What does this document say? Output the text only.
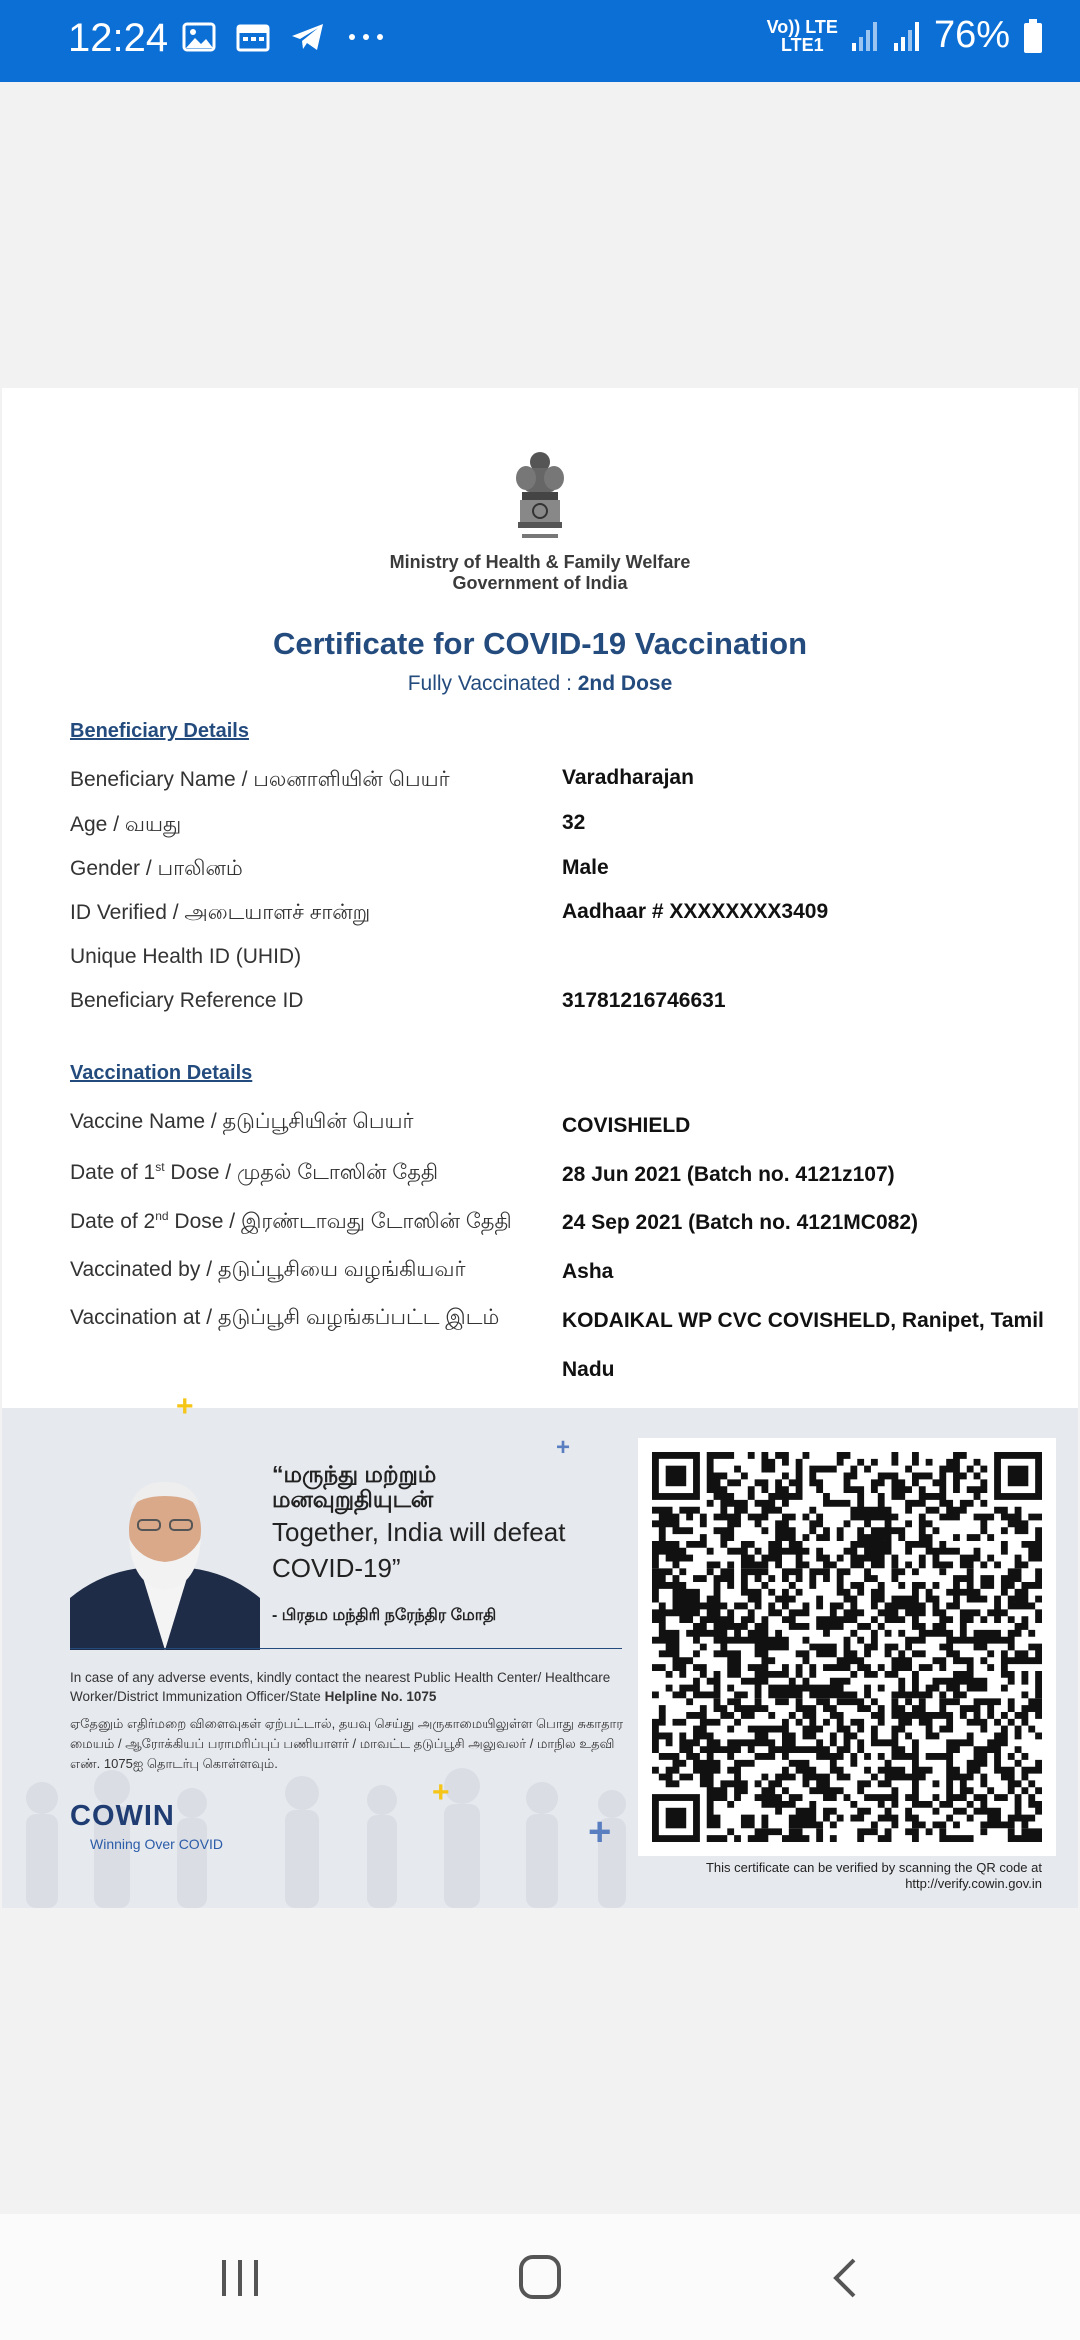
12:24	Vo)) LTE
LTE1	76%
Ministry of Health & Family Welfare
Government of India
Certificate for COVID-19 Vaccination
Fully Vaccinated : 2nd Dose
Beneficiary Details
Beneficiary Name / பலனாளியின் பெயர்	Varadharajan
Age / வயது	32
Gender / பாலினம்	Male
ID Verified / அடையாளச் சான்று	Aadhaar # XXXXXXXX3409
Unique Health ID (UHID)
Beneficiary Reference ID	31781216746631
Vaccination Details
Vaccine Name / தடுப்பூசியின் பெயர்	COVISHIELD
Date of 1st Dose / முதல் டோஸின் தேதி	28 Jun 2021 (Batch no. 4121z107)
Date of 2nd Dose / இரண்டாவது டோஸின் தேதி 24 Sep 2021 (Batch no. 4121MC082)
Vaccinated by / தடுப்பூசியை வழங்கியவர்	Asha
Vaccination at / தடுப்பூசி வழங்கப்பட்ட இடம்	KODAIKAL WP CVC COVISHELD, Ranipet, Tamil
Nadu
“மருந்து மற்றும்
மனவுறுதியுடன்
Together, India will defeat COVID-19”
- பிரதம மந்திரி நரேந்திர மோதி
In case of any adverse events, kindly contact the nearest Public Health Center/ Healthcare Worker/District Immunization Officer/State Helpline No. 1075
ஏதேனும் எதிர்மறை விளைவுகள் ஏற்பட்டால், தயவு செய்து அருகாமையிலுள்ள பொது சுகாதார மையம் / ஆரோக்கியப் பராமரிப்புப் பணியாளர் / மாவட்ட தடுப்பூசி அலுவலர் / மாநில உதவி எண். 1075ஐ தொடர்பு கொள்ளவும்.
COWIN
Winning Over COVID
+
+
+
+
This certificate can be verified by scanning the QR code at
http://verify.cowin.gov.in
